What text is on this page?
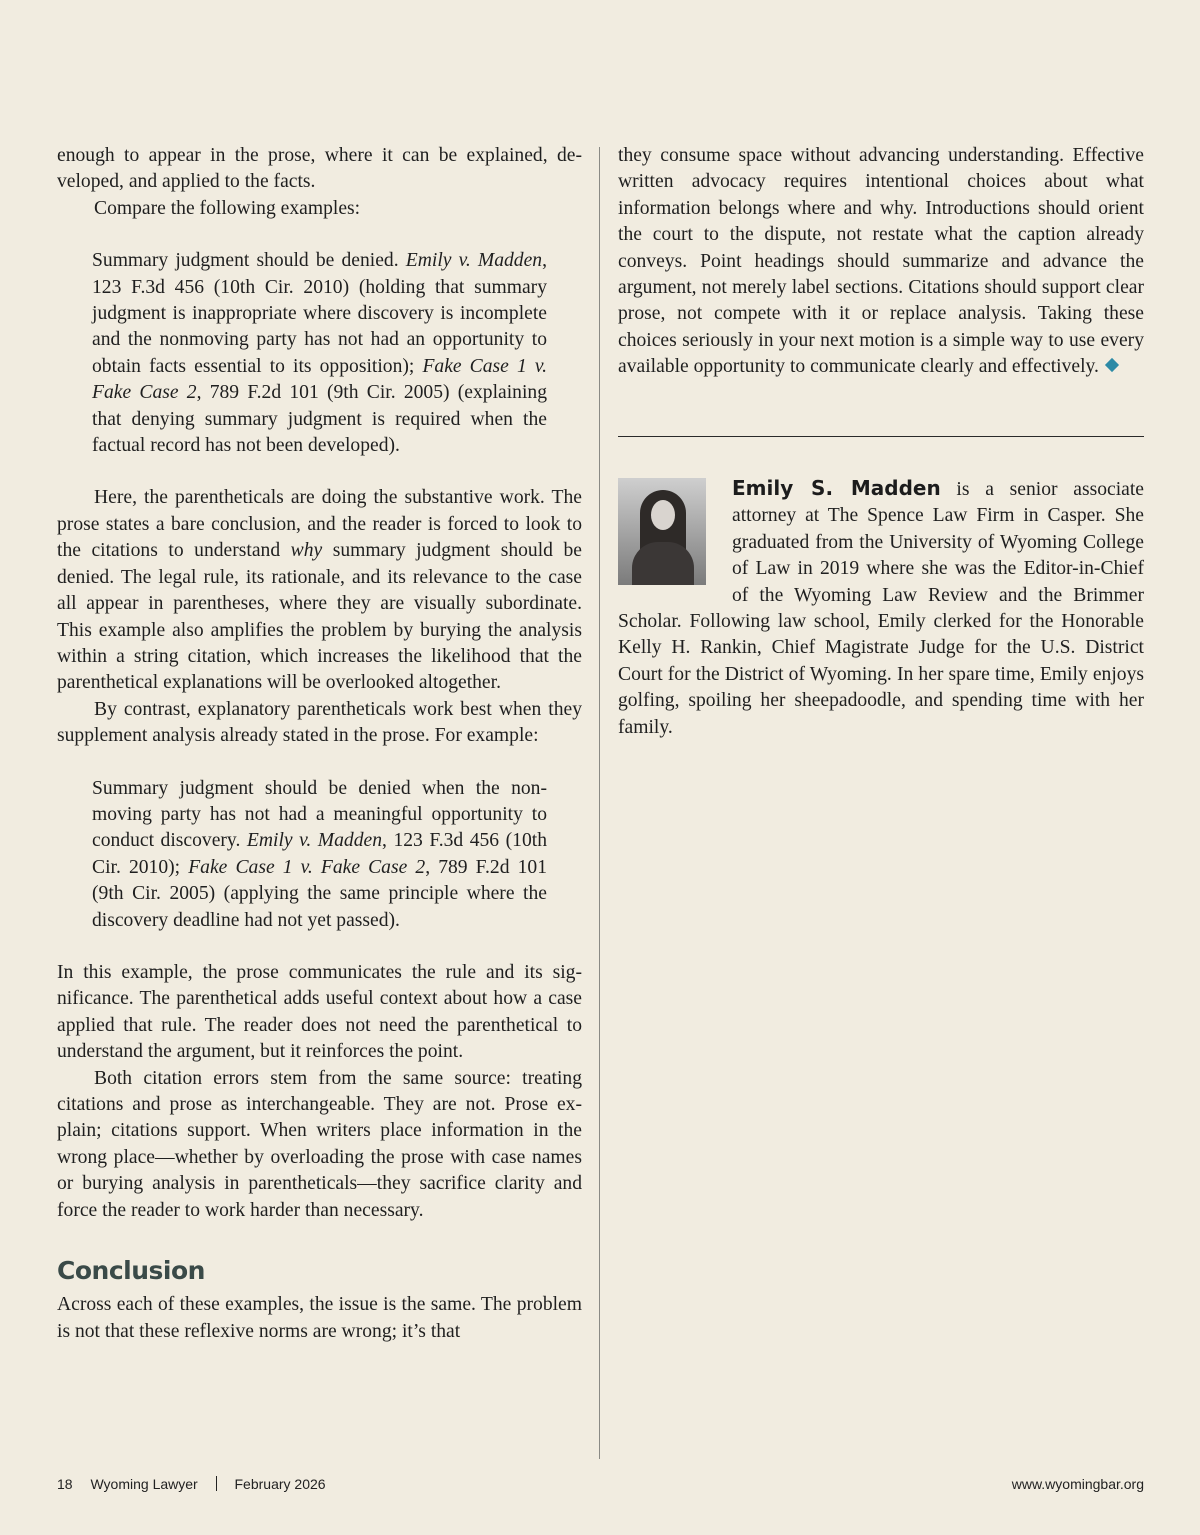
enough to appear in the prose, where it can be explained, developed, and applied to the facts.

Compare the following examples:

Summary judgment should be denied. Emily v. Madden, 123 F.3d 456 (10th Cir. 2010) (holding that summary judgment is inappropriate where discovery is incomplete and the nonmoving party has not had an opportunity to obtain facts essential to its opposition); Fake Case 1 v. Fake Case 2, 789 F.2d 101 (9th Cir. 2005) (explaining that denying summary judgment is required when the factual record has not been developed).

Here, the parentheticals are doing the substantive work. The prose states a bare conclusion, and the reader is forced to look to the citations to understand why summary judgment should be denied. The legal rule, its rationale, and its relevance to the case all appear in parentheses, where they are visually subordinate. This example also amplifies the problem by burying the analysis within a string citation, which increases the likelihood that the parenthetical explanations will be overlooked altogether.

By contrast, explanatory parentheticals work best when they supplement analysis already stated in the prose. For example:

Summary judgment should be denied when the nonmoving party has not had a meaningful opportunity to conduct discovery. Emily v. Madden, 123 F.3d 456 (10th Cir. 2010); Fake Case 1 v. Fake Case 2, 789 F.2d 101 (9th Cir. 2005) (applying the same principle where the discovery deadline had not yet passed).

In this example, the prose communicates the rule and its significance. The parenthetical adds useful context about how a case applied that rule. The reader does not need the parenthetical to understand the argument, but it reinforces the point.

Both citation errors stem from the same source: treating citations and prose as interchangeable. They are not. Prose explain; citations support. When writers place information in the wrong place—whether by overloading the prose with case names or burying analysis in parentheticals—they sacrifice clarity and force the reader to work harder than necessary.

Conclusion

Across each of these examples, the issue is the same. The problem is not that these reflexive norms are wrong; it’s that

they consume space without advancing understanding. Effective written advocacy requires intentional choices about what information belongs where and why. Introductions should orient the court to the dispute, not restate what the caption already conveys. Point headings should summarize and advance the argument, not merely label sections. Citations should support clear prose, not compete with it or replace analysis. Taking these choices seriously in your next motion is a simple way to use every available opportunity to communicate clearly and effectively.

Emily S. Madden is a senior associate attorney at The Spence Law Firm in Casper. She graduated from the University of Wyoming College of Law in 2019 where she was the Editor-in-Chief of the Wyoming Law Review and the Brimmer Scholar. Following law school, Emily clerked for the Honorable Kelly H. Rankin, Chief Magistrate Judge for the U.S. District Court for the District of Wyoming. In her spare time, Emily enjoys golfing, spoiling her sheepadoodle, and spending time with her family.
18 Wyoming Lawyer	February 2026	www.wyomingbar.org
